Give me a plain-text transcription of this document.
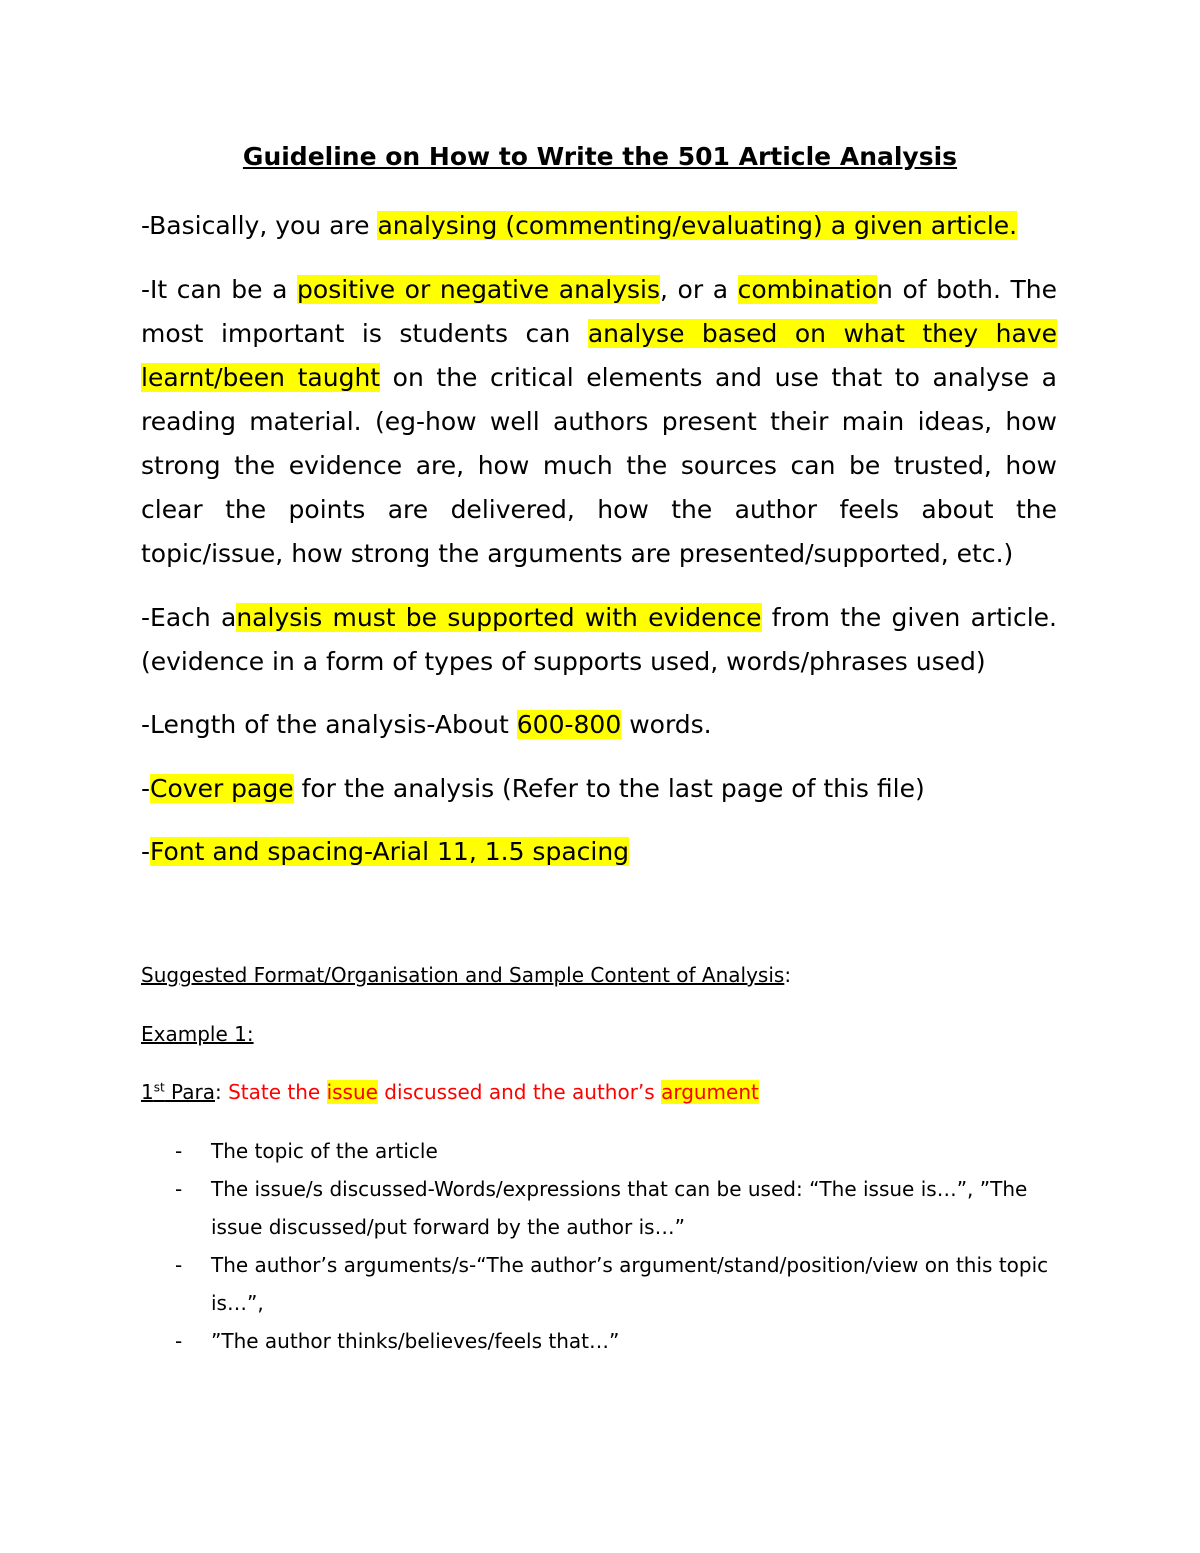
Guideline on How to Write the 501 Article Analysis
-Basically, you are analysing (commenting/evaluating) a given article.
-It can be a positive or negative analysis, or a combination of both. The most important is students can analyse based on what they have learnt/been taught on the critical elements and use that to analyse a reading material. (eg-how well authors present their main ideas, how strong the evidence are, how much the sources can be trusted, how clear the points are delivered, how the author feels about the topic/issue, how strong the arguments are presented/supported, etc.)
-Each analysis must be supported with evidence from the given article. (evidence in a form of types of supports used, words/phrases used)
-Length of the analysis-About 600-800 words.
-Cover page for the analysis (Refer to the last page of this file)
-Font and spacing-Arial 11, 1.5 spacing
Suggested Format/Organisation and Sample Content of Analysis:
Example 1:
1st Para: State the issue discussed and the author’s argument
- The topic of the article
- The issue/s discussed-Words/expressions that can be used: “The issue is…”, ”The issue discussed/put forward by the author is…”
- The author’s arguments/s-“The author’s argument/stand/position/view on this topic is…”,
- ”The author thinks/believes/feels that…”
